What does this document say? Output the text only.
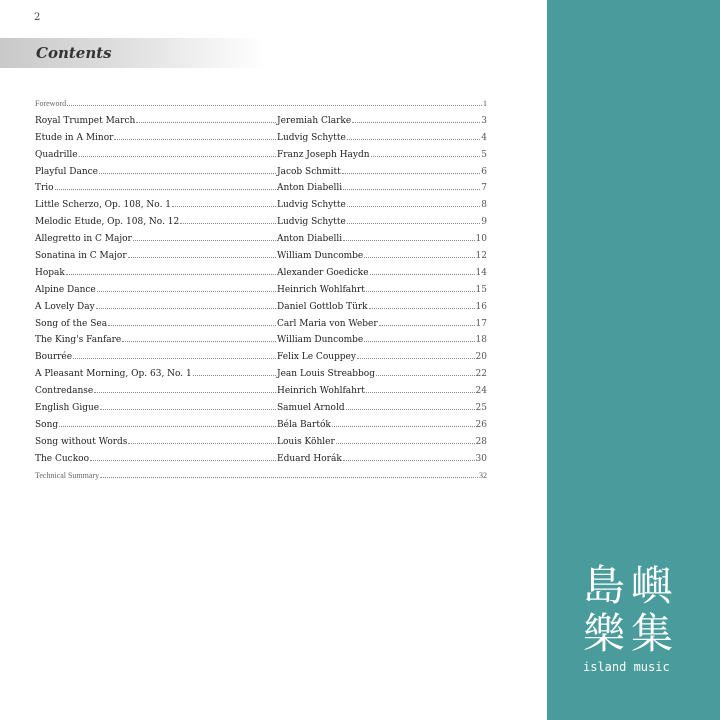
2
Contents
Foreword	1
Royal Trumpet March	Jeremiah Clarke	3
Etude in A Minor	Ludvig Schytte	4
Quadrille	Franz Joseph Haydn	5
Playful Dance	Jacob Schmitt	6
Trio	Anton Diabelli	7
Little Scherzo, Op. 108, No. 1	Ludvig Schytte	8
Melodic Etude, Op. 108, No. 12	Ludvig Schytte	9
Allegretto in C Major	Anton Diabelli	10
Sonatina in C Major	William Duncombe	12
Hopak	Alexander Goedicke	14
Alpine Dance	Heinrich Wohlfahrt	15
A Lovely Day	Daniel Gottlob Türk	16
Song of the Sea	Carl Maria von Weber	17
The King's Fanfare	William Duncombe	18
Bourrée	Felix Le Couppey	20
A Pleasant Morning, Op. 63, No. 1	Jean Louis Streabbog	22
Contredanse	Heinrich Wohlfahrt	24
English Gigue	Samuel Arnold	25
Song	Béla Bartók	26
Song without Words	Louis Köhler	28
The Cuckoo	Eduard Horák	30
Technical Summary	32
島嶼
樂集
island music
